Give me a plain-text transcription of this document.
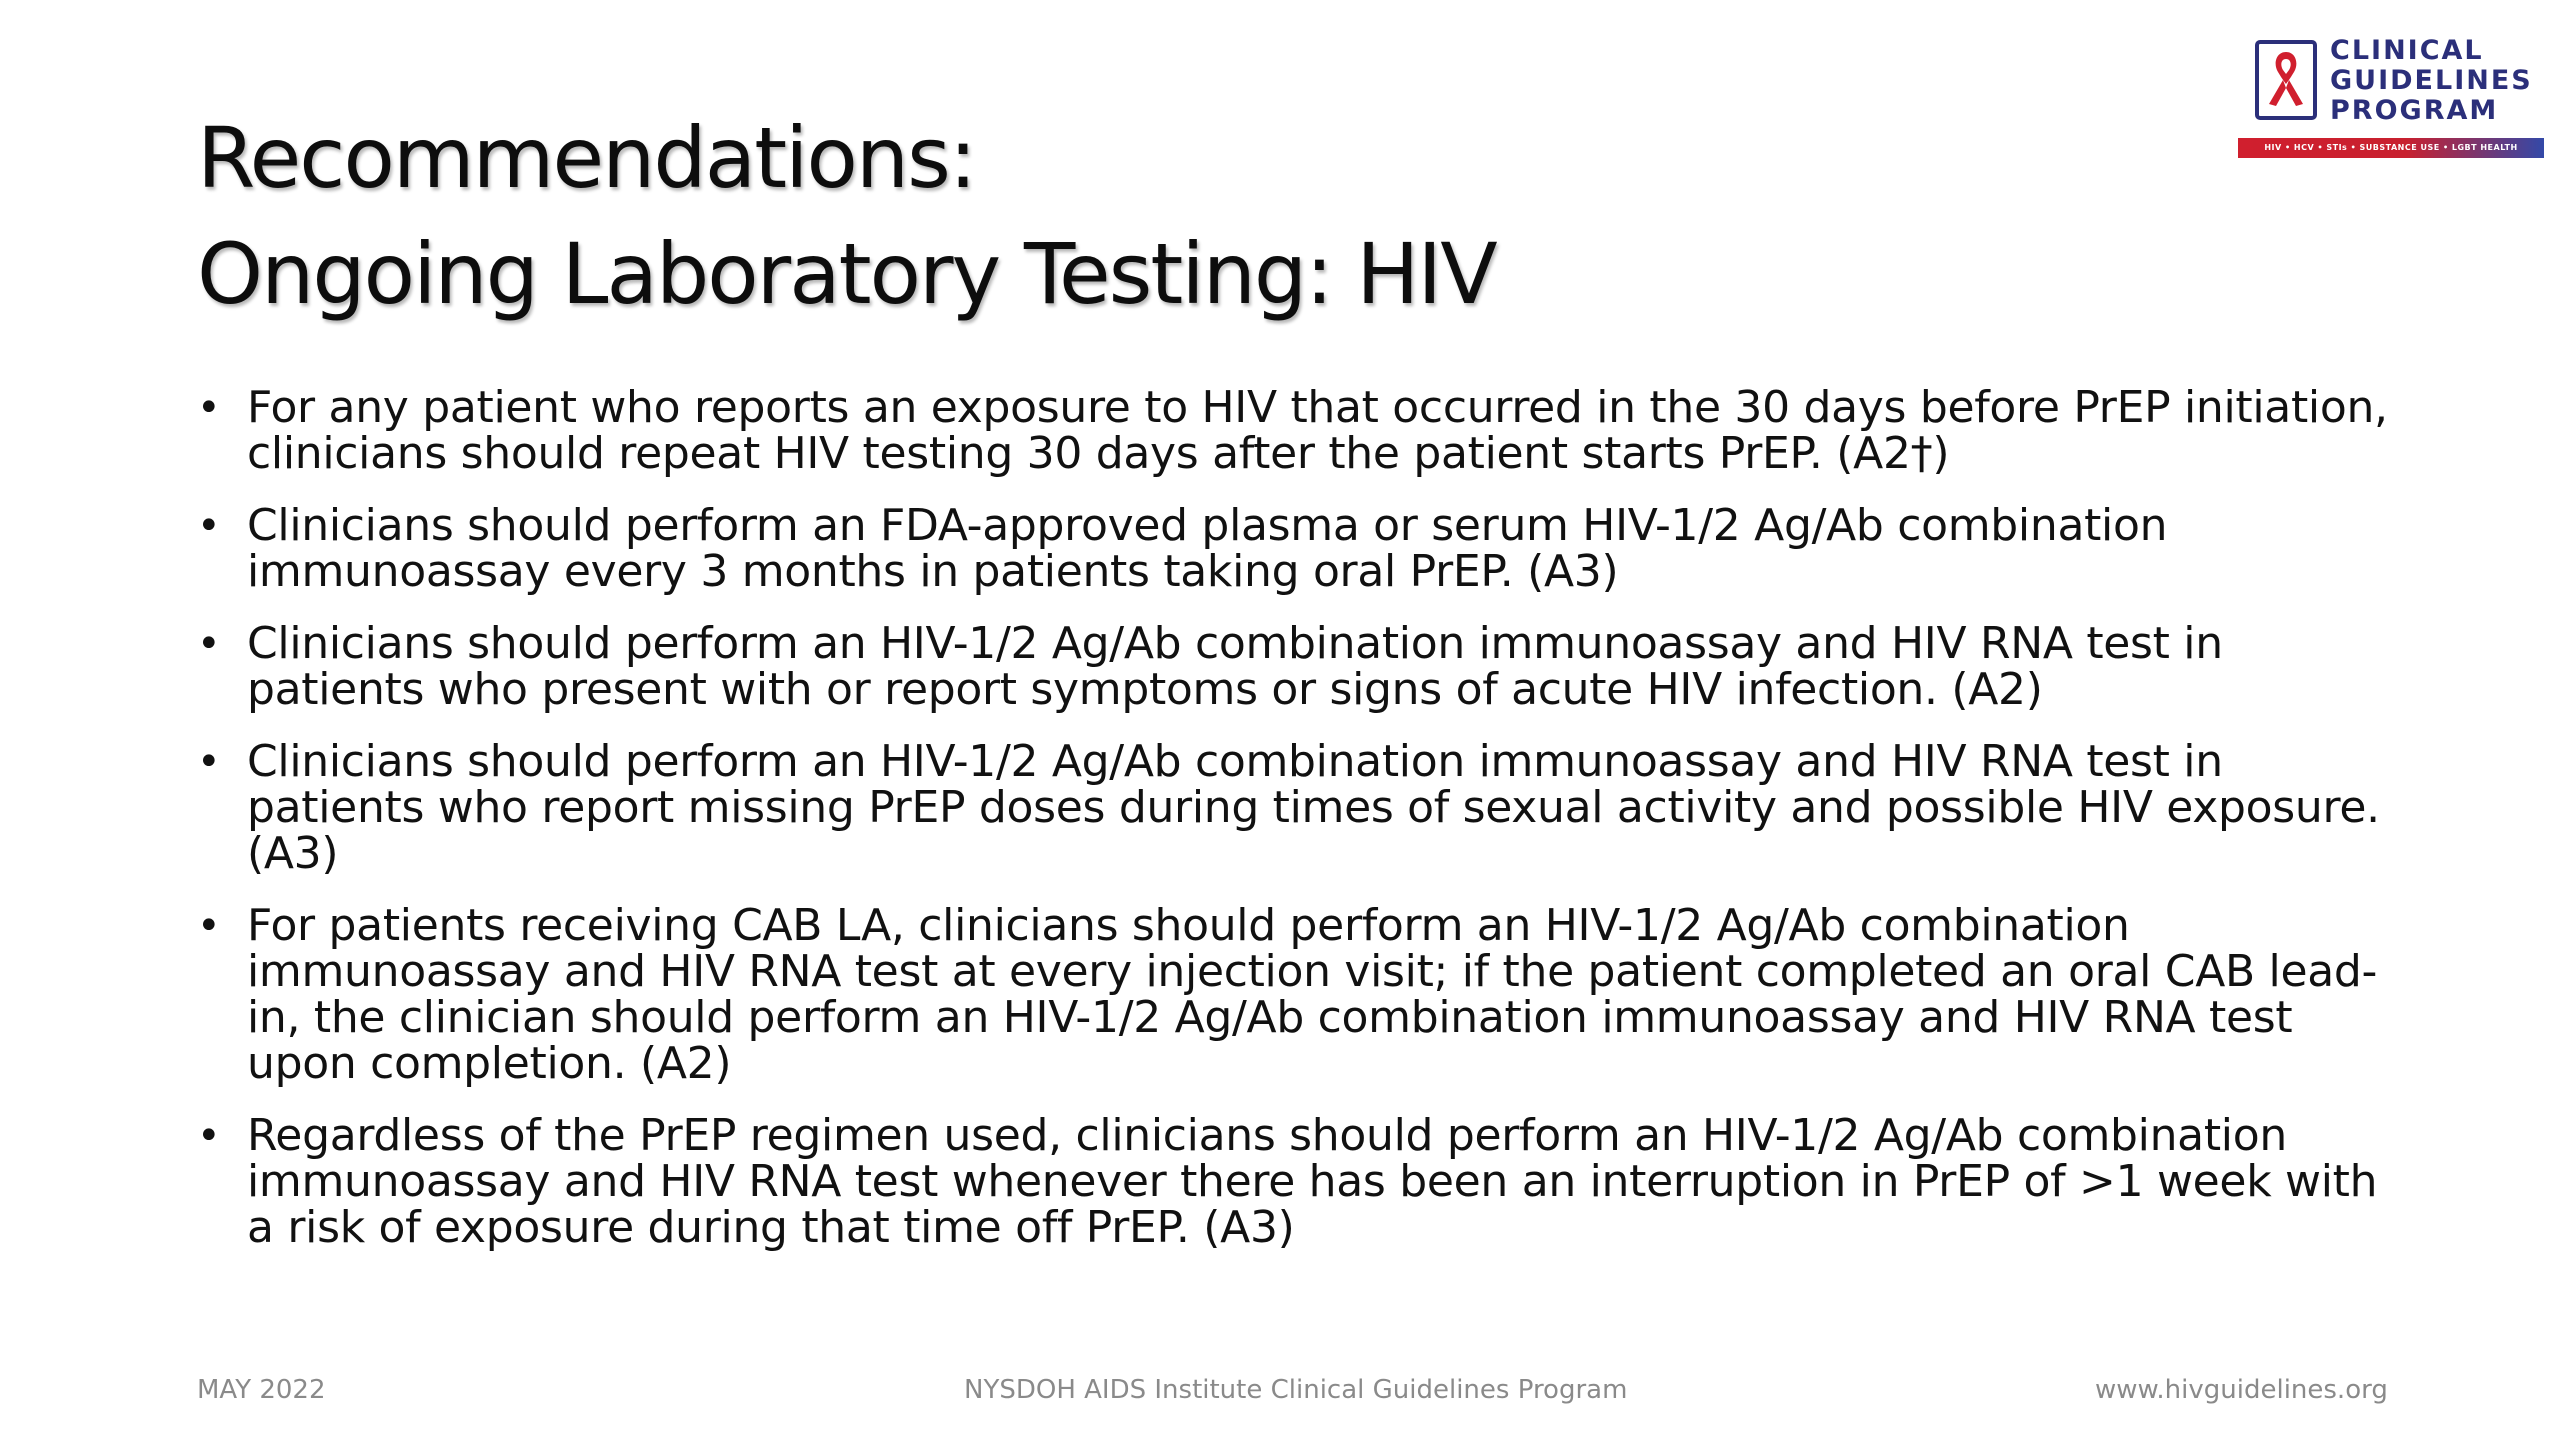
Recommendations:
Ongoing Laboratory Testing: HIV
CLINICAL
GUIDELINES
PROGRAM
HIV • HCV • STIs • SUBSTANCE USE • LGBT HEALTH
• For any patient who reports an exposure to HIV that occurred in the 30 days before PrEP initiation, clinicians should repeat HIV testing 30 days after the patient starts PrEP. (A2†)
• Clinicians should perform an FDA-approved plasma or serum HIV-1/2 Ag/Ab combination immunoassay every 3 months in patients taking oral PrEP. (A3)
• Clinicians should perform an HIV-1/2 Ag/Ab combination immunoassay and HIV RNA test in patients who present with or report symptoms or signs of acute HIV infection. (A2)
• Clinicians should perform an HIV-1/2 Ag/Ab combination immunoassay and HIV RNA test in patients who report missing PrEP doses during times of sexual activity and possible HIV exposure. (A3)
• For patients receiving CAB LA, clinicians should perform an HIV-1/2 Ag/Ab combination immunoassay and HIV RNA test at every injection visit; if the patient completed an oral CAB lead-in, the clinician should perform an HIV-1/2 Ag/Ab combination immunoassay and HIV RNA test upon completion. (A2)
• Regardless of the PrEP regimen used, clinicians should perform an HIV-1/2 Ag/Ab combination immunoassay and HIV RNA test whenever there has been an interruption in PrEP of >1 week with a risk of exposure during that time off PrEP. (A3)
MAY 2022	NYSDOH AIDS Institute Clinical Guidelines Program	www.hivguidelines.org
